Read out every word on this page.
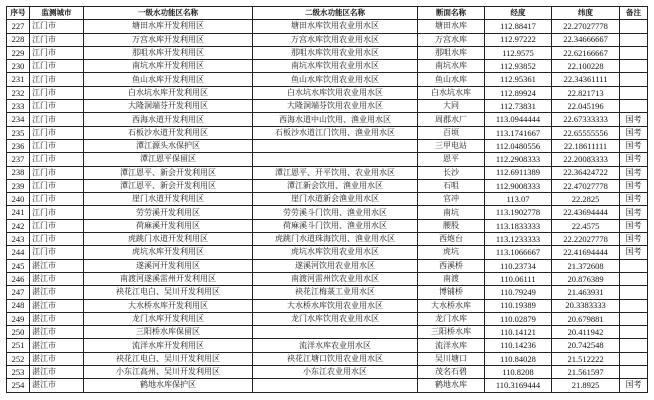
序号	监测城市	一级水功能区名称	二级水功能区名称	断面名称	经度	纬度	备注
227	江门市	塘田水库开发利用区	塘田水库饮用农业用水区	塘田水库	112.88417	22.27027778	
228	江门市	万宫水库开发利用区	万宫水库饮用农业用水区	万宫水库	112.97222	22.34666667	
229	江门市	那咀水库开发利用区	那咀水库饮用农业用水区	那咀水库	112.9575	22.62166667	
230	江门市	南坑水库开发利用区	南坑水库饮用农业用水区	南坑水库	112.93852	22.100228	
231	江门市	鱼山水库开发利用区	鱼山水库饮用农业用水区	鱼山水库	112.95361	22.34361111	
232	江门市	白水坑水库开发利用区	白水坑水库饮用农业用水区	白水坑水库	112.89924	22.821713	
233	江门市	大隆洞端芬开发利用区	大隆洞端芬饮用农业用水区	大同	112.73831	22.045196	
234	江门市	西海水道开发利用区	西海水道中山饮用、渔业用水区	周郡水厂	113.0944444	22.67333333	国考
235	江门市	石板沙水道开发利用区	石板沙水道江门饮用、渔业用水区	百顷	113.1741667	22.65555556	国考
236	江门市	潭江源头水保护区		三甲电站	112.0480556	22.18611111	国考
237	江门市	潭江恩平保留区		恩平	112.2908333	22.20083333	国考
238	江门市	潭江恩平、新会开发利用区	潭江恩平、开平饮用、农业用水区	长沙	112.6911389	22.36424722	国考
239	江门市	潭江恩平、新会开发利用区	潭江新会饮用、渔业用水区	石咀	112.9008333	22.47027778	国考
240	江门市	崖门水道开发利用区	崖门水道新会渔业用水区	官冲	113.07	22.2825	国考
241	江门市	劳劳溪开发利用区	劳劳溪斗门饮用、渔业用水区	南坑	113.1902778	22.43694444	国考
242	江门市	荷麻溪开发利用区	荷麻溪斗门饮用、渔业用水区	腰股	113.1833333	22.4575	国考
243	江门市	虎跳门水道开发利用区	虎跳门水道珠海饮用、渔业用水区	西炮台	113.1233333	22.22027778	国考
244	江门市	虎坑水库开发利用区	虎坑水库饮用农业用水区	虎坑	113.1066667	22.41694444	国考
245	湛江市	遂溪河开发利用区	遂溪河饮用农业用水区	西溪桥	110.23734	21.372608	
246	湛江市	南渡河遂溪雷州开发利用区	南渡河雷州饮农业用水区	南渡	110.06111	20.876389	
247	湛江市	袂花江电白、吴川开发利用区	袂花江梅菉工业用水区	博铺桥	110.79249	21.463931	
248	湛江市	大水桥水库开发利用区	大水桥水库饮用农业用水区	大水桥水库	110.19389	20.3383333	
249	湛江市	龙门水库开发利用区	龙门水库饮用农业用水区	龙门水库	110.02879	20.679881	
250	湛江市	三阳桥水库保留区		三阳桥水库	110.14121	20.411942	
251	湛江市	流洋水库开发利用区	流洋水库农业用水区	流洋水库	110.14236	20.742548	
252	湛江市	袂花江电白、吴川开发利用区	袂花江塘口饮用农业用水区	吴川塘口	110.84028	21.512222	
253	湛江市	小东江高州、吴川开发利用区	小东江农业用水区	茂名石碧	110.8208	21.561597	
254	湛江市	鹤地水库保护区		鹤地水库	110.3169444	21.8925	国考
